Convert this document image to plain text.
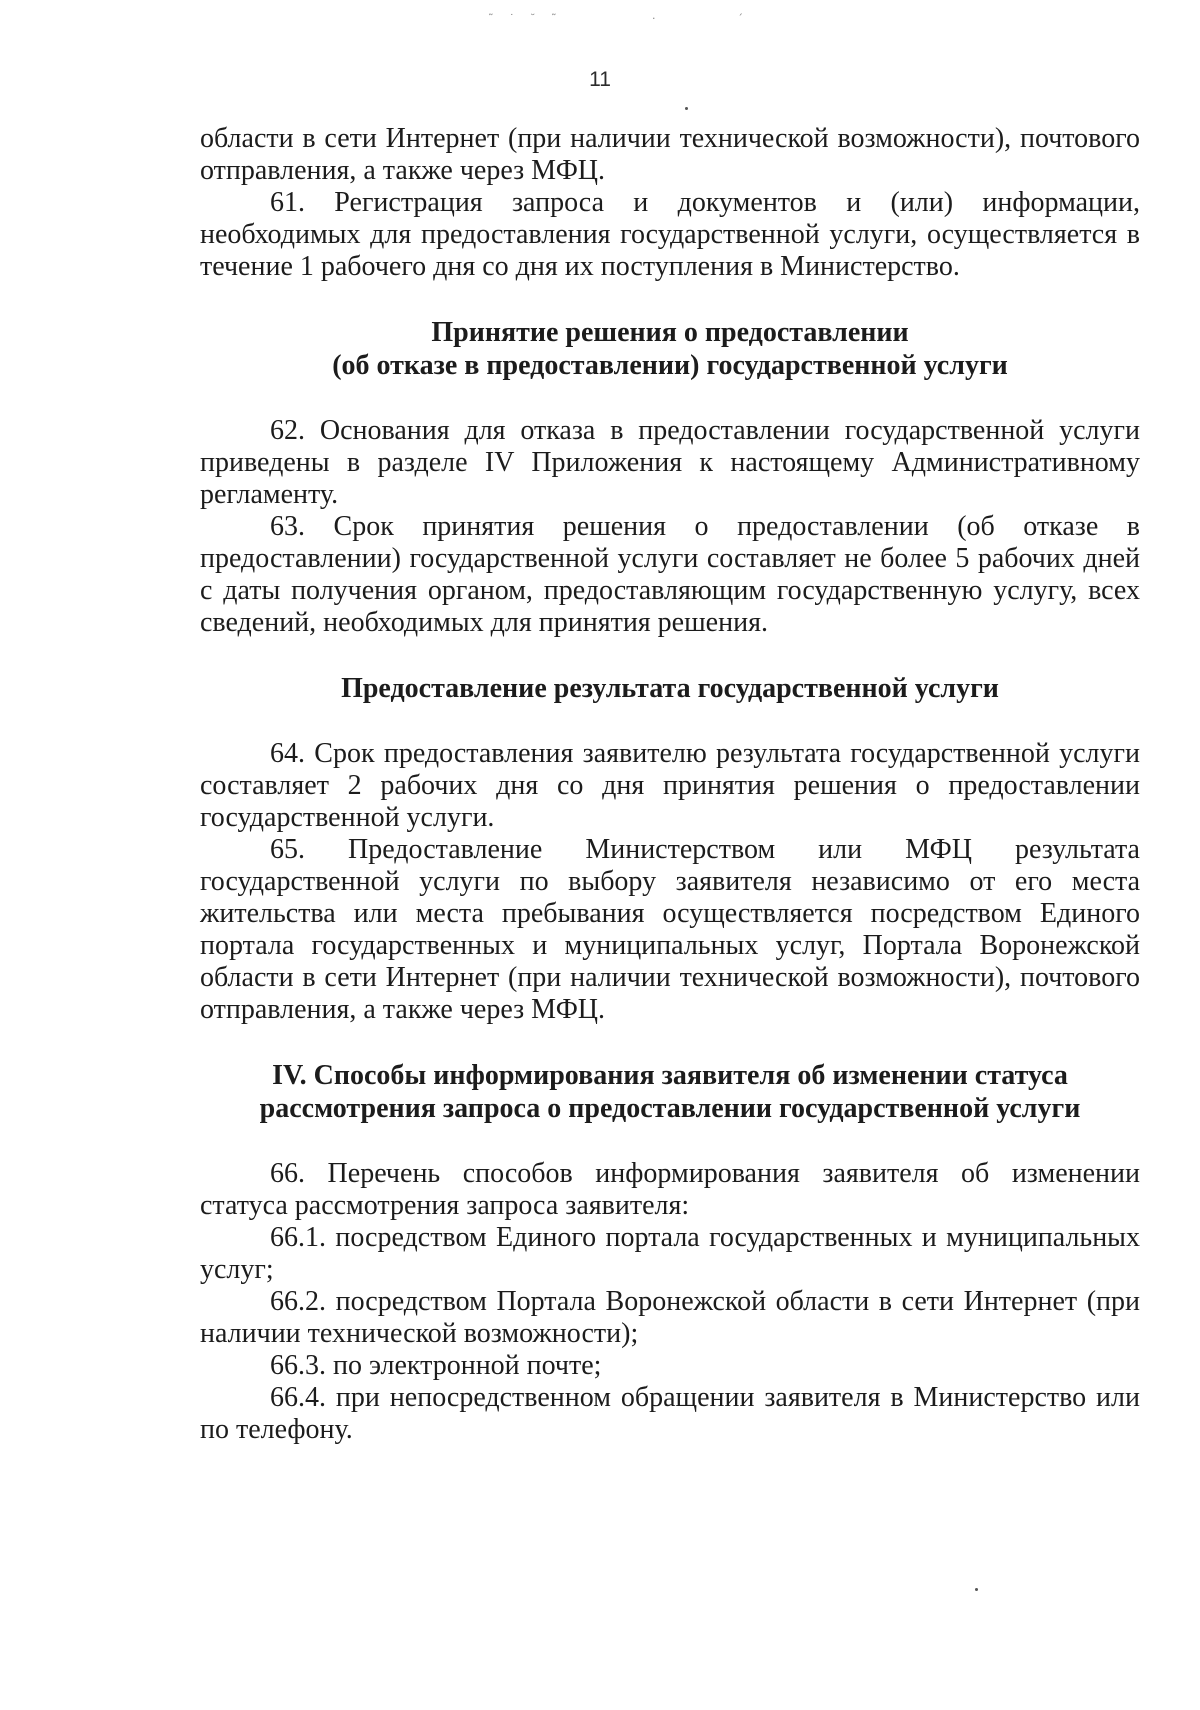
˜ ˙ ˘ ˜	·        ´
11

области в сети Интернет (при наличии технической возможности), почтового отправления, а также через МФЦ.

61. Регистрация запроса и документов и (или) информации, необходимых для предоставления государственной услуги, осуществляется в течение 1 рабочего дня со дня их поступления в Министерство.

Принятие решения о предоставлении
(об отказе в предоставлении) государственной услуги

62. Основания для отказа в предоставлении государственной услуги приведены в разделе IV Приложения к настоящему Административному регламенту.

63. Срок принятия решения о предоставлении (об отказе в предоставлении) государственной услуги составляет не более 5 рабочих дней с даты получения органом, предоставляющим государственную услугу, всех сведений, необходимых для принятия решения.

Предоставление результата государственной услуги

64. Срок предоставления заявителю результата государственной услуги составляет 2 рабочих дня со дня принятия решения о предоставлении государственной услуги.

65. Предоставление Министерством или МФЦ результата государственной услуги по выбору заявителя независимо от его места жительства или места пребывания осуществляется посредством Единого портала государственных и муниципальных услуг, Портала Воронежской области в сети Интернет (при наличии технической возможности), почтового отправления, а также через МФЦ.

IV. Способы информирования заявителя об изменении статуса
рассмотрения запроса о предоставлении государственной услуги

66. Перечень способов информирования заявителя об изменении статуса рассмотрения запроса заявителя:

66.1. посредством Единого портала государственных и муниципальных услуг;

66.2. посредством Портала Воронежской области в сети Интернет (при наличии технической возможности);

66.3. по электронной почте;

66.4. при непосредственном обращении заявителя в Министерство или по телефону.
